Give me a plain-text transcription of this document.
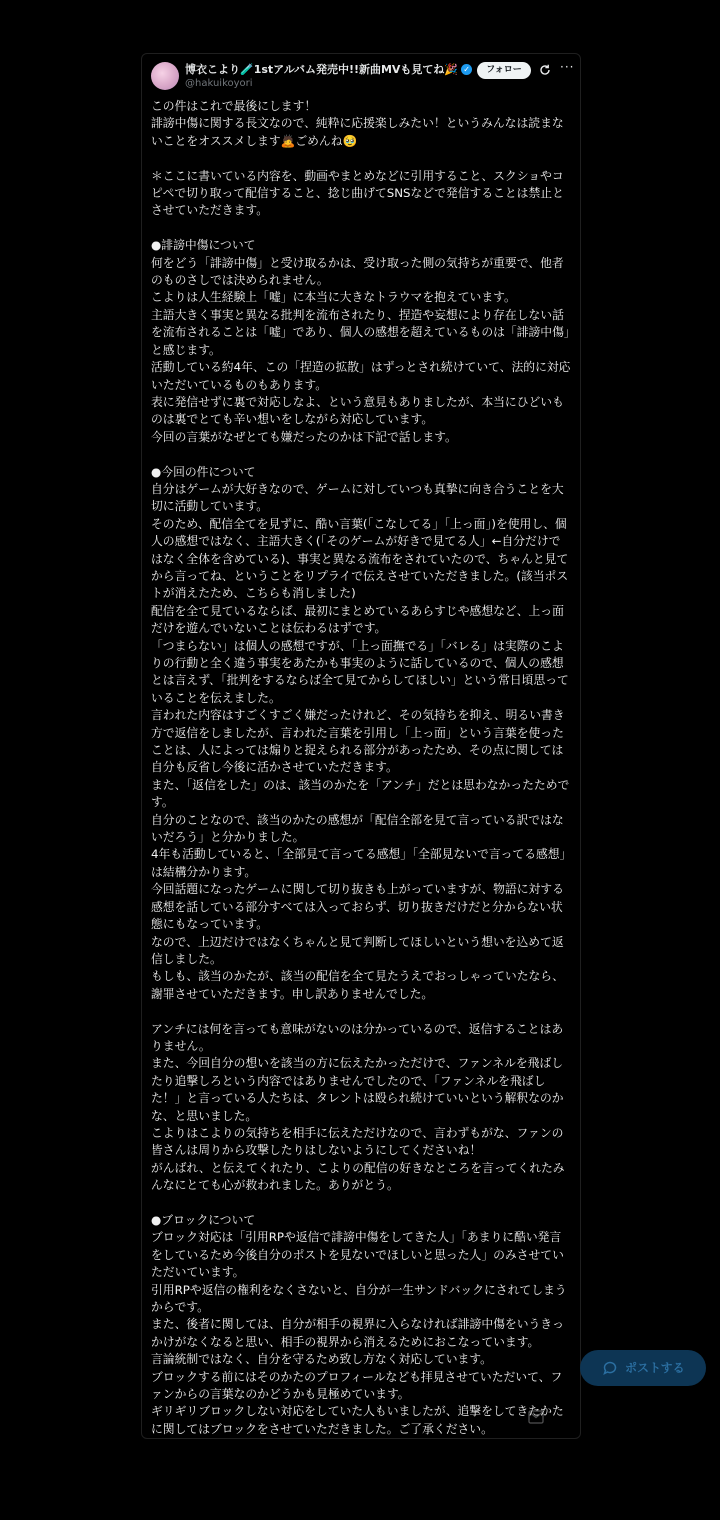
博衣こより🧪1stアルバム発売中!!新曲MVも見てね🎉 ✓
@hakuikoyori
フォロー	···
この件はこれで最後にします！
誹謗中傷に関する長文なので、純粋に応援楽しみたい！というみんなは読まないことをオススメします🙇ごめんね🥹

＊ここに書いている内容を、動画やまとめなどに引用すること、スクショやコピペで切り取って配信すること、捻じ曲げてSNSなどで発信することは禁止とさせていただきます。

●誹謗中傷について
何をどう「誹謗中傷」と受け取るかは、受け取った側の気持ちが重要で、他者のものさしでは決められません。
こよりは人生経験上「嘘」に本当に大きなトラウマを抱えています。
主語大きく事実と異なる批判を流布されたり、捏造や妄想により存在しない話を流布されることは「嘘」であり、個人の感想を超えているものは「誹謗中傷」と感じます。
活動している約4年、この「捏造の拡散」はずっとされ続けていて、法的に対応いただいているものもあります。
表に発信せずに裏で対応しなよ、という意見もありましたが、本当にひどいものは裏でとても辛い想いをしながら対応しています。
今回の言葉がなぜとても嫌だったのかは下記で話します。

●今回の件について
自分はゲームが大好きなので、ゲームに対していつも真摯に向き合うことを大切に活動しています。
そのため、配信全てを見ずに、酷い言葉(「こなしてる」「上っ面」)を使用し、個人の感想ではなく、主語大きく(「そのゲームが好きで見てる人」←自分だけではなく全体を含めている)、事実と異なる流布をされていたので、ちゃんと見てから言ってね、ということをリプライで伝えさせていただきました。(該当ポストが消えたため、こちらも消しました)
配信を全て見ているならば、最初にまとめているあらすじや感想など、上っ面だけを遊んでいないことは伝わるはずです。
「つまらない」は個人の感想ですが、「上っ面撫でる」「バレる」は実際のこよりの行動と全く違う事実をあたかも事実のように話しているので、個人の感想とは言えず、「批判をするならば全て見てからしてほしい」という常日頃思っていることを伝えました。
言われた内容はすごくすごく嫌だったけれど、その気持ちを抑え、明るい書き方で返信をしましたが、言われた言葉を引用し「上っ面」という言葉を使ったことは、人によっては煽りと捉えられる部分があったため、その点に関しては自分も反省し今後に活かさせていただきます。
また、「返信をした」のは、該当のかたを「アンチ」だとは思わなかったためです。
自分のことなので、該当のかたの感想が「配信全部を見て言っている訳ではないだろう」と分かりました。
4年も活動していると、「全部見て言ってる感想」「全部見ないで言ってる感想」は結構分かります。
今回話題になったゲームに関して切り抜きも上がっていますが、物語に対する感想を話している部分すべては入っておらず、切り抜きだけだと分からない状態にもなっています。
なので、上辺だけではなくちゃんと見て判断してほしいという想いを込めて返信しました。
もしも、該当のかたが、該当の配信を全て見たうえでおっしゃっていたなら、謝罪させていただきます。申し訳ありませんでした。

アンチには何を言っても意味がないのは分かっているので、返信することはありません。
また、今回自分の想いを該当の方に伝えたかっただけで、ファンネルを飛ばしたり追撃しろという内容ではありませんでしたので、「ファンネルを飛ばした！」と言っている人たちは、タレントは殴られ続けていいという解釈なのかな、と思いました。
こよりはこよりの気持ちを相手に伝えただけなので、言わずもがな、ファンの皆さんは周りから攻撃したりはしないようにしてくださいね！
がんばれ、と伝えてくれたり、こよりの配信の好きなところを言ってくれたみんなにとても心が救われました。ありがとう。

●ブロックについて
ブロック対応は「引用RPや返信で誹謗中傷をしてきた人」「あまりに酷い発言をしているため今後自分のポストを見ないでほしいと思った人」のみさせていただいています。
引用RPや返信の権利をなくさないと、自分が一生サンドバックにされてしまうからです。
また、後者に関しては、自分が相手の視界に入らなければ誹謗中傷をいうきっかけがなくなると思い、相手の視界から消えるためにおこなっています。
言論統制ではなく、自分を守るため致し方なく対応しています。
ブロックする前にはそのかたのプロフィールなども拝見させていただいて、ファンからの言葉なのかどうかも見極めています。
ギリギリブロックしない対応をしていた人もいましたが、追撃をしてきたかたに関してはブロックをさせていただきました。ご了承ください。
ポストする
